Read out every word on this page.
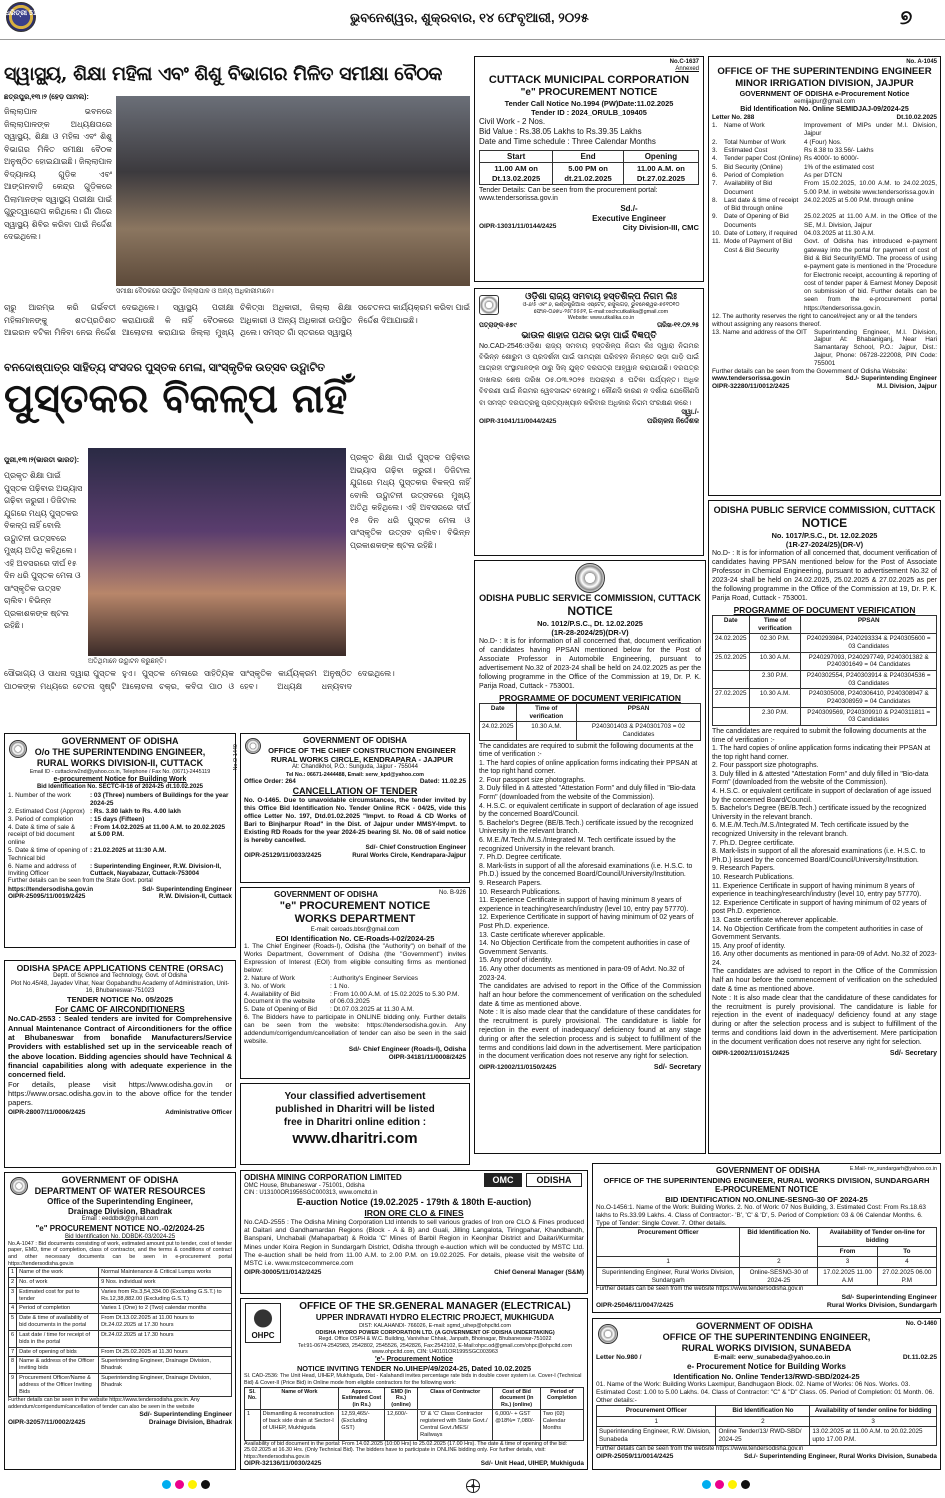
ଧରିତ୍ରୀ 51	ଭୁବନେଶ୍ୱର, ଶୁକ୍ରବାର, ୧୪ ଫେବୃଆରୀ, ୨୦୨୫	୭
ସ୍ୱାସ୍ଥ୍ୟ, ଶିକ୍ଷା ମହିଳା ଏବଂ ଶିଶୁ ବିଭାଗର ମିଳିତ ସମୀକ୍ଷା ବୈଠକ
ଛତ୍ରପୁର,୧୩।୨ (ହେଡ଼ ପାମଲ):
ଜିଲ୍ଲାପାଳ ଭବନରେ ଜିଲ୍ଲାପାଳଙ୍କ ଅଧ୍ୟକ୍ଷତାରେ ସ୍ୱାସ୍ଥ୍ୟ, ଶିକ୍ଷା ଓ ମହିଳା ଏବଂ ଶିଶୁ ବିଭାଗର ମିଳିତ ସମୀକ୍ଷା ବୈଠକ ଅନୁଷ୍ଠିତ ହୋଇଯାଇଛି। ଜିଲ୍ଲାପାଳ ବିଦ୍ୟାଳୟ ଗୁଡ଼ିକ ଏବଂ ଆଙ୍ଗନବାଡ଼ି କେନ୍ଦ୍ର ଗୁଡ଼ିକରେ ପିଲାମାନଙ୍କ ସ୍ୱାସ୍ଥ୍ୟ ପରୀକ୍ଷା ପାଇଁ ଗୁରୁତ୍ୱାରୋପ କରିଥିଲେ। ଗାଁ ଗାଁରେ ସ୍ୱାସ୍ଥ୍ୟ ଶିବିର କରିବା ପାଇଁ ନିର୍ଦ୍ଦେଶ ଦେଇଥିଲେ।
ସମୀକ୍ଷା ବୈଠକରେ ଉପସ୍ଥିତ ଜିଲ୍ଲାପାଳ ଓ ଅନ୍ୟ ଅଧିକାରୀମାନେ।
ଚାରୁ ଆରମ୍ଭ କରି ଗର୍ଭବତୀ ମହିଳାମାନଙ୍କୁ ଶତପ୍ରତିଶତ ଆଇରନ ବଟିକା ମିଳିବା ନେଇ ନିର୍ଦ୍ଦେଶ ଦେଇଥିଲେ। ସ୍ୱାସ୍ଥ୍ୟ ପରୀକ୍ଷା କରାଯାଉଛି କି ନାହିଁ ବୈଠକରେ ଆଲୋଚନା କରାଯାଇ ଜିଲ୍ଲା ମୁଖ୍ୟ ଚିକିତ୍ସା ଅଧିକାରୀ, ଜିଲ୍ଲା ଶିକ୍ଷା ଅଧିକାରୀ ଓ ଅନ୍ୟ ଅଧିକାରୀ ଉପସ୍ଥିତ ଥିଲେ। ସମସ୍ତ ଗାଁ ସ୍ତରରେ ସ୍ୱାସ୍ଥ୍ୟ ସଚେତନତା କାର୍ଯ୍ୟକ୍ରମ କରିବା ପାଇଁ ନିର୍ଦ୍ଦେଶ ଦିଆଯାଇଛି।
ବନଦୋଷ୍ପାତ୍ର ସାହିତ୍ୟ ସଂସଦର ପୁସ୍ତକ ମେଳା, ସାଂସ୍କୃତିକ ଉତ୍ସବ ଉଦ୍ଘାଟିତ
ପୁସ୍ତକର ବିକଳ୍ପ ନାହିଁ
ପୁରୀ,୧୩।୨(ଭାରତୀ ଭାରତ):
ପ୍ରକୃତ ଶିକ୍ଷା ପାଇଁ ପୁସ୍ତକ ପଢ଼ିବାର ଅଭ୍ୟାସ ଗଢ଼ିବା ଜରୁରୀ। ଡିଜିଟାଲ ଯୁଗରେ ମଧ୍ୟ ପୁସ୍ତକର ବିକଳ୍ପ ନାହିଁ ବୋଲି ଉଦ୍ଘାଟନୀ ଉତ୍ସବରେ ମୁଖ୍ୟ ଅତିଥି କହିଥିଲେ। ଏହି ଅବସରରେ ଦୀର୍ଘ ୧୫ ଦିନ ଧରି ପୁସ୍ତକ ମେଳା ଓ ସାଂସ୍କୃତିକ ଉତ୍ସବ ଚାଲିବ। ବିଭିନ୍ନ ପ୍ରକାଶକଙ୍କ ଷ୍ଟଲ ରହିଛି।
ଅତିଥିମାନେ ଉଦ୍ଘାଟନ କରୁଛନ୍ତି।
ପ୍ରକୃତ ଶିକ୍ଷା ପାଇଁ ପୁସ୍ତକ ପଢ଼ିବାର ଅଭ୍ୟାସ ଗଢ଼ିବା ଜରୁରୀ। ଡିଜିଟାଲ ଯୁଗରେ ମଧ୍ୟ ପୁସ୍ତକର ବିକଳ୍ପ ନାହିଁ ବୋଲି ଉଦ୍ଘାଟନୀ ଉତ୍ସବରେ ମୁଖ୍ୟ ଅତିଥି କହିଥିଲେ। ଏହି ଅବସରରେ ଦୀର୍ଘ ୧୫ ଦିନ ଧରି ପୁସ୍ତକ ମେଳା ଓ ସାଂସ୍କୃତିକ ଉତ୍ସବ ଚାଲିବ। ବିଭିନ୍ନ ପ୍ରକାଶକଙ୍କ ଷ୍ଟଲ ରହିଛି।
ସୌଭାଗ୍ୟ ଓ ସାଧନା ଦ୍ୱାରା ପୁସ୍ତକ ପାଠକଙ୍କ ମଧ୍ୟରେ ଚେତନା ସୃଷ୍ଟି ହୁଏ। ପୁସ୍ତକ ମେଳାରେ ସାହିତ୍ୟିକ ଆଲୋଚନା ଚକ୍ର, କବିତା ପାଠ ଓ ସାଂସ୍କୃତିକ କାର୍ଯ୍ୟକ୍ରମ ଅନୁଷ୍ଠିତ ହେବ। ଅଧ୍ୟକ୍ଷ ଧନ୍ୟବାଦ ଦେଇଥିଲେ।
No.O-1449
GOVERNMENT OF ODISHA
O/o THE SUPERINTENDING ENGINEER,
RURAL WORKS DIVISION-II, CUTTACK
Email ID - cuttackrw2nd@yahoo.co.in, Telephone / Fax No. (0671)-2445119
e-procurement Notice for Building Work
Bid Identification No. SECTC-II-16 of 2024-25 dt.10.02.2025
1. Number of the work	: 03 (Three) numbers of Buildings for the year 2024-25
2. Estimated Cost (Approx) : Rs. 3.80 lakh to Rs. 4.00 lakh
3. Period of completion	: 15 days (Fifteen)
4. Date & time of sale & receipt of bid document online
: From 14.02.2025 at 11.00 A.M. to 20.02.2025 at 5.00 P.M.
5. Date & time of opening of Technical bid
: 21.02.2025 at 11:30 A.M.
6. Name and address of Inviting Officer
: Superintending Engineer, R.W. Division-II, Cuttack, Nayabazar, Cuttack-753004
Further details can be seen from the State Govt. portal
https://tendersodisha.gov.in	Sd/- Superintending Engineer
OIPR-25095/11/0019/2425	R.W. Division-II, Cuttack
GOVERNMENT OF ODISHA
OFFICE OF THE CHIEF CONSTRUCTION ENGINEER
RURAL WORKS CIRCLE, KENDRAPARA - JAJPUR
At: Chandikhol, P.O.: Sunguda, Jajpur - 755044
Tel No.: 06671-2444488, Email: serw_kpd@yahoo.com
Office Order: 264	Dated: 11.02.25
CANCELLATION OF TENDER
No. O-1465. Due to unavoidable circumstances, the tender invited by this Office Bid Identification No. Tender Online RCK - 04/25, vide this office Letter No. 197, Dtd.01.02.2025 "Impvt. to Road & CD Works of Bari to Binjharpur Road" in the Dist. of Jajpur under MMSY-Impvt. to Existing RD Roads for the year 2024-25 bearing Sl. No. 08 of said notice is hereby cancelled.
Sd/- Chief Construction Engineer
OIPR-25129/11/0033/2425	Rural Works Circle, Kendrapara-Jajpur
GOVERNMENT OF ODISHA	No. B-926
"e" PROCUREMENT NOTICE
WORKS DEPARTMENT
E-mail: ceroads.bbsr@gmail.com
EOI Identification No. CE-Roads-I-02/2024-25
1. The Chief Engineer (Roads-I), Odisha (the "Authority") on behalf of the Works Department, Government of Odisha (the "Government") invites Expression of Interest (EOI) from eligible consulting firms as mentioned below:
2. Nature of Work	: Authority's Engineer Services
3. No. of Work	: 1 No.
4. Availability of Bid Document in the website
: From 10.00 A.M. of 15.02.2025 to 5.30 P.M. of 06.03.2025
5. Date of Opening of Bid	: Dt.07.03.2025 at 11.30 A.M.
6. The Bidders have to participate in ONLINE bidding only. Further details can be seen from the website: https://tendersodisha.gov.in. Any addendum/corrigendum/cancellation of tender can also be seen in the said website.
Sd/- Chief Engineer (Roads-I), Odisha
OIPR-34181/11/0008/2425
ODISHA SPACE APPLICATIONS CENTRE (ORSAC)
Deptt. of Science and Technology, Govt. of Odisha
Plot No.45/48, Jayadev Vihar, Near Gopabandhu Academy of Administration, Unit-16, Bhubaneswar-751023
TENDER NOTICE No. 05/2025
For CAMC OF AIRCONDITIONERS
No.CAD-2553 : Sealed tenders are invited for Comprehensive Annual Maintenance Contract of Airconditioners for the office at Bhubaneswar from bonafide Manufacturers/Service Providers with established set up in the serviceable reach of the above location. Bidding agencies should have Technical & financial capabilities along with adequate experience in the concerned field.
For details, please visit https://www.odisha.gov.in or https://www.orsac.odisha.gov.in to the above office for the tender papers.
OIPR-28007/11/0006/2425	Administrative Officer
Your classified advertisement
published in Dharitri will be listed
free in Dharitri online edition :
www.dharitri.com
GOVERNMENT OF ODISHA
DEPARTMENT OF WATER RESOURCES
Office of the Superintending Engineer,
Drainage Division, Bhadrak
Email : eeddbdk@gmail.com
"e" PROCUREMENT NOTICE NO.-02/2024-25
Bid Identification No. DDBDK-03/2024-25
No.A-1047 : Bid documents consisting of work, estimated amount put to tender, cost of tender paper, EMD, time of completion, class of contractor, and the terms & conditions of contract and other necessary documents can be seen in e-procurement portal https://tendersodisha.gov.in
1	Name of the work	Normal Maintenance & Critical Lumps works
2	No. of work	9 Nos. individual work
3	Estimated cost for put to tender	Varies from Rs.3,54,334.00 (Excluding G.S.T.) to Rs.12,38,882.00 (Excluding G.S.T.)
4	Period of completion	Varies 1 (One) to 2 (Two) calendar months
5	Date & time of availability of bid documents in the portal	From Dt.13.02.2025 at 11.00 hours to Dt.24.02.2025 at 17.30 hours
6	Last date / time for receipt of bids in the portal	Dt.24.02.2025 at 17.30 hours
7	Date of opening of bids	From Dt.25.02.2025 at 11.30 hours
8	Name & address of the Officer inviting bids	Superintending Engineer, Drainage Division, Bhadrak
9	Procurement Officer/Name & address of the Officer Inviting Bids	Superintending Engineer, Drainage Division, Bhadrak
Further details can be seen in the website https://www.tendersodisha.gov.in. Any addendum/corrigendum/cancellation of tender can also be seen in the website
Sd/- Superintending Engineer
OIPR-32057/11/0002/2425	Drainage Division, Bhadrak
No.C-1637
Annexed
CUTTACK MUNICIPAL CORPORATION
"e" PROCUREMENT NOTICE
Tender Call Notice No.1994 (PW)Date:11.02.2025
Tender ID : 2024_ORULB_109405
Civil Work - 2 Nos.
Bid Value : Rs.38.05 Lakhs to Rs.39.35 Lakhs
Date and Time schedule : Three Calendar Months
Start	End	Opening
11.00 AM on Dt.13.02.2025	5.00 PM on dt.21.02.2025	11.00 A.M. on Dt.27.02.2025
Tender Details: Can be seen from the procurement portal: www.tendersorissa.gov.in
Sd./-
Executive Engineer
OIPR-13031/11/0144/2425	City Division-III, CMC
ଓଡ଼ିଶା ରାଜ୍ୟ ସମବାୟ ହସ୍ତଶିଳ୍ପ ନିଗମ ଲିଃ
ଓ-୬/୫ ଏବଂ ୬, ଇଣ୍ଡଷ୍ଟ୍ରିଆଲ ଏଷ୍ଟେଟ୍, ରସୁଲଗଡ଼, ଭୁବନେଶ୍ୱର-୭୫୧୦୧୦
ଫୋନ-୦୬୭୪-୨୫୮୫୫୫୧, E-mail:oschcutkalika@gmail.com
Website: www.utkalika.co.in
ପତ୍ରାଙ୍କ-୫୭୯	ତାରିଖ-୧୧.୦୨.୨୫
ଭାଉଳ ଶାହାଜ ପଥର ଭଡ଼ା ପାଇଁ ବିଜ୍ଞପ୍ତି
No.CAD-2546:ଓଡ଼ିଶା ରାଜ୍ୟ ସମବାୟ ହସ୍ତଶିଳ୍ପ ନିଗମ ଲିଃ ଦ୍ୱାରା ନିଗମର ବିଭିନ୍ନ ଶୋରୁମ ଓ ପ୍ରଦର୍ଶନୀ ପାଇଁ ସାମଗ୍ରୀ ପରିବହନ ନିମନ୍ତେ ଭଡ଼ା ଗାଡ଼ି ପାଇଁ ଆଗ୍ରହୀ ସଂସ୍ଥାମାନଙ୍କ ଠାରୁ ସିଲ୍ ଯୁକ୍ତ ଦରପତ୍ର ଆହ୍ୱାନ କରାଯାଉଛି। ଦରପତ୍ର ଦାଖଲର ଶେଷ ତାରିଖ ୦୫.୦୩.୨୦୨୫ ଅପରାହ୍ଣ ୫ ଘଟିକା ପର୍ଯ୍ୟନ୍ତ। ଅଧିକ ବିବରଣୀ ପାଇଁ ନିଗମର ୱେବସାଇଟ ଦେଖନ୍ତୁ। କୌଣସି କାରଣ ନ ଦର୍ଶାଇ ଯେକୌଣସି ବା ସମସ୍ତ ଦରପତ୍ରକୁ ପ୍ରତ୍ୟାଖ୍ୟାନ କରିବାର ଅଧିକାର ନିଗମ ସଂରକ୍ଷଣ କରେ।
ସ୍ୱା./-
OIPR-31041/11/0044/2425	ପରିଚାଳନା ନିର୍ଦ୍ଦେଶକ
ODISHA PUBLIC SERVICE COMMISSION, CUTTACK
NOTICE
No. 1012/P.S.C., Dt. 12.02.2025
(1R-28-2024/25)(DR-V)
No.D- : It is for information of all concerned that, document verification of candidates having PPSAN mentioned below for the Post of Associate Professor in Automobile Engineering, pursuant to advertisement No.32 of 2023-24 shall be held on 24.02.2025 as per the following programme in the Office of the Commission at 19, Dr. P. K. Parija Road, Cuttack - 753001.
PROGRAMME OF DOCUMENT VERIFICATION
Date	Time of verification	PPSAN
24.02.2025	10.30 A.M.	P240301403 & P240301703 = 02 Candidates
The candidates are required to submit the following documents at the time of verification :-
1. The hard copies of online application forms indicating their PPSAN at the top right hand corner.
2. Four passport size photographs.
3. Duly filled in & attested "Attestation Form" and duly filled in "Bio-data Form" (downloaded from the website of the Commission).
4. H.S.C. or equivalent certificate in support of declaration of age issued by the concerned Board/Council.
5. Bachelor's Degree (BE/B.Tech.) certificate issued by the recognized University in the relevant branch.
6. M.E./M.Tech./M.S./Integrated M. Tech certificate issued by the recognized University in the relevant branch.
7. Ph.D. Degree certificate.
8. Mark-lists in support of all the aforesaid examinations (i.e. H.S.C. to Ph.D.) issued by the concerned Board/Council/University/Institution.
9. Research Papers.
10. Research Publications.
11. Experience Certificate in support of having minimum 8 years of experience in teaching/research/industry (level 10, entry pay 57770).
12. Experience Certificate in support of having minimum of 02 years of Post Ph.D. experience.
13. Caste certificate wherever applicable.
14. No Objection Certificate from the competent authorities in case of Government Servants.
15. Any proof of identity.
16. Any other documents as mentioned in para-09 of Advt. No.32 of 2023-24.
The candidates are advised to report in the Office of the Commission half an hour before the commencement of verification on the scheduled date & time as mentioned above.
Note : It is also made clear that the candidature of these candidates for the recruitment is purely provisional. The candidature is liable for rejection in the event of inadequacy/ deficiency found at any stage during or after the selection process and is subject to fulfillment of the terms and conditions laid down in the advertisement. Mere participation in the document verification does not reserve any right for selection.
OIPR-12002/11/0150/2425	Sd/- Secretary
No. A-1045
OFFICE OF THE SUPERINTENDING ENGINEER
MINOR IRRIGATION DIVISION, JAJPUR
GOVERNMENT OF ODISHA e-Procurement Notice
eemijajpur@gmail.com
Bid Identification No. Online SEMIDJAJ-09/2024-25
Letter No. 288	Dt.10.02.2025
1.	Name of Work	Improvement of MIPs under M.I. Division, Jajpur
2.	Total Number of Work	4 (Four) Nos.
3.	Estimated Cost	Rs 8.38 to 33.56/- Lakhs
4.	Tender paper Cost (Online) Rs 4000/- to 6000/-
5.	Bid Security (Online)	1% of the estimated cost
6.	Period of Completion	As per DTCN
7.	Availability of Bid Document
From 15.02.2025, 10.00 A.M. to 24.02.2025, 5.00 P.M. in website www.tendersorissa.gov.in
8.	Last date & time of receipt of Bid through online
24.02.2025 at 5.00 P.M. through online
9.	Date of Opening of Bid Documents
25.02.2025 at 11.00 A.M. in the Office of the SE, M.I. Division, Jajpur
10. Date of Lottery, if required	04.03.2025 at 11.30 A.M.
11. Mode of Payment of Bid Cost & Bid Security
Govt. of Odisha has introduced e-payment gateway into the portal for payment of cost of Bid & Bid Security/EMD. The process of using e-payment gate is mentioned in the 'Procedure for Electronic receipt, accounting & reporting of cost of tender paper & Earnest Money Deposit on submission of bid. Further details can be seen from the e-procurement portal https://tendersorissa.gov.in.
12. The authority reserves the right to cancel/reject any or all the tenders without assigning any reasons thereof.
13. Name and address of the OIT	Superintending Engineer, M.I. Division, Jajpur At: Bhabaniganj, Near Hari Samantaray School, P.O.: Jajpur, Dist.: Jajpur, Phone: 06728-222008, PIN Code: 755001
Further details can be seen from the Government of Odisha Website:
www.tendersorissa.gov.in	Sd./- Superintending Engineer
OIPR-32280/11/0012/2425	M.I. Division, Jajpur
ODISHA PUBLIC SERVICE COMMISSION, CUTTACK
NOTICE
No. 1017/P.S.C., Dt. 12.02.2025
(1R-27-2024/25)(DR-V)
No.D- : It is for information of all concerned that, document verification of candidates having PPSAN mentioned below for the Post of Associate Professor in Chemical Engineering, pursuant to advertisement No.32 of 2023-24 shall be held on 24.02.2025, 25.02.2025 & 27.02.2025 as per the following programme in the Office of the Commission at 19, Dr. P. K. Parija Road, Cuttack - 753001.
PROGRAMME OF DOCUMENT VERIFICATION
Date	Time of verification	PPSAN
24.02.2025	02.30 P.M.	P240293984, P240293334 & P240305600 = 03 Candidates
25.02.2025	10.30 A.M.	P240297093, P240297749, P240301382 & P240301649 = 04 Candidates
	2.30 P.M.	P240302554, P240303914 & P240304536 = 03 Candidates
27.02.2025	10.30 A.M.	P240305008, P240306410, P240308947 & P240308959 = 04 Candidates
	2.30 P.M.	P240309569, P240309910 & P240311811 = 03 Candidates
The candidates are required to submit the following documents at the time of verification :-
1. The hard copies of online application forms indicating their PPSAN at the top right hand corner.
2. Four passport size photographs.
3. Duly filled in & attested "Attestation Form" and duly filled in "Bio-data Form" (downloaded from the website of the Commission).
4. H.S.C. or equivalent certificate in support of declaration of age issued by the concerned Board/Council.
5. Bachelor's Degree (BE/B.Tech.) certificate issued by the recognized University in the relevant branch.
6. M.E./M.Tech./M.S./Integrated M. Tech certificate issued by the recognized University in the relevant branch.
7. Ph.D. Degree certificate.
8. Mark-lists in support of all the aforesaid examinations (i.e. H.S.C. to Ph.D.) issued by the concerned Board/Council/University/Institution.
9. Research Papers.
10. Research Publications.
11. Experience Certificate in support of having minimum 8 years of experience in teaching/research/industry (level 10, entry pay 57770).
12. Experience Certificate in support of having minimum of 02 years of post Ph.D. experience.
13. Caste certificate wherever applicable.
14. No Objection Certificate from the competent authorities in case of Government Servants.
15. Any proof of identity.
16. Any other documents as mentioned in para-09 of Advt. No.32 of 2023-24.
The candidates are advised to report in the Office of the Commission half an hour before the commencement of verification on the scheduled date & time as mentioned above.
Note : It is also made clear that the candidature of these candidates for the recruitment is purely provisional. The candidature is liable for rejection in the event of inadequacy/ deficiency found at any stage during or after the selection process and is subject to fulfillment of the terms and conditions laid down in the advertisement. Mere participation in the document verification does not reserve any right for selection.
OIPR-12002/11/0151/2425	Sd/- Secretary
ODISHA MINING CORPORATION LIMITED
OMC House, Bhubaneswar - 751001, Odisha
CIN : U13100OR1956SGC000313, www.omcltd.in
OMC	ODISHA
E-auction Notice (19.02.2025 - 179th & 180th E-auction)
IRON ORE CLO & FINES
No.CAD-2555 : The Odisha Mining Corporation Ltd intends to sell various grades of Iron ore CLO & Fines produced at Daitari and Gandhamardan Regions (Block - A & B) and Guali, Jilling Langalota, Tiringpahar, Khandbandh, Banspani, Unchabali (Mahaparbat) & Roida 'C' Mines of Barbil Region in Keonjhar District and Daitari/Kurmitar Mines under Koira Region in Sundargarh District, Odisha through e-auction which will be conducted by MSTC Ltd. The e-auction shall be held from 11.00 A.M. to 2.00 P.M. on 19.02.2025. For details, please visit the website of MSTC i.e. www.mstcecommerce.com
OIPR-30005/11/0142/2425	Chief General Manager (S&M)
OHPC
OFFICE OF THE SR.GENERAL MANAGER (ELECTRICAL)
UPPER INDRAVATI HYDRO ELECTRIC PROJECT, MUKHIGUDA
DIST: KALAHANDI- 766026, E-mail: sgmd_uihep@ohpcltd.com
ODISHA HYDRO POWER CORPORATION LTD. (A GOVERNMENT OF ODISHA UNDERTAKING)
Regd. Office OSPH & W.C. Building, Vanivihar Chhak, Janpath, Bhoinagar, Bhubaneswar-751022
Tel:91-0674-2542983, 2542802, 2545526, 2542826, Fax:2542102, E-Mail:ohpc.od@gmail.com/ohpc@ohpcltd.com
www.ohpcltd.com, CIN: U40101OR1995SGC003963
'e'- Procurement Notice
NOTICE INVITING TENDER No.UIHEP/49/2024-25, Dated 10.02.2025
Sl. CAD-2536: The Unit Head, UIHEP, Mukhiguda, Dist - Kalahandi invites percentage rate bids in double cover system i.e. Cover-I (Technical Bid) & Cover-II (Price Bid) in Online mode from eligible contractors for the following work:
Sl. No.	Name of Work	Approx. Estimated Cost (in Rs.)	EMD (in Rs.) (online)	Class of Contractor	Cost of Bid document (in Rs.) (online)	Period of Completion
1	Dismantling & reconstruction of back side drain at Sector-I of UIHEP, Mukhiguda	12,59,465/- (Excluding GST)	12,600/-	'D' & 'C' Class Contractor registered with State Govt./ Central Govt./MES/ Railways	6,000/- + GST @18%= 7,080/-	Two (02) Calendar Months
Availability of bid document in the portal: From 14.02.2025 (10:00 Hrs) to 25.02.2025 (17.00 Hrs). The date & time of opening of the bid: 25.02.2025 at 16.30 Hrs. (Only Technical Bid). The bidders have to participate in ONLINE bidding only. For further details, visit: https://tendersodisha.gov.in
OIPR-32136/11/0030/2425	Sd/- Unit Head, UIHEP, Mukhiguda
GOVERNMENT OF ODISHA	E.Mail- rw_sundargarh@yahoo.co.in
OFFICE OF THE SUPERINTENDING ENGINEER, RURAL WORKS DIVISION, SUNDARGARH
E-PROCUREMENT NOTICE
BID IDENTIFICATION NO.ONLINE-SESNG-30 OF 2024-25
No.O-1456:1. Name of the Work: Building Works. 2. No. of Work: 07 Nos Building, 3. Estimated Cost: From Rs.18.63 lakhs to Rs.33.99 Lakhs. 4. Class of Contractor:- 'B', 'C' & 'D', 5. Period of Completion: 03 & 06 Calendar Months. 6. Type of Tender: Single Cover. 7. Other details.
Procurement Officer	Bid Identification No.	Availability of Tender on-line for bidding	
		From	To
1	2	3	4
Superintending Engineer, Rural Works Division, Sundargarh	Online-SESNG-30 of 2024-25	17.02.2025 11.00 A.M	27.02.2025 06.00 P.M
Further details can be seen from the website https://www.tendersodisha.gov.in
Sd/- Superintending Engineer
OIPR-25046/11/0047/2425	Rural Works Division, Sundargarh
GOVERNMENT OF ODISHA	No. O-1460
OFFICE OF THE SUPERINTENDING ENGINEER,
RURAL WORKS DIVISION, SUNABEDA
Letter No.980 /	E-mail: eerw_sunabeda@yahoo.co.in	Dt.11.02.25
e- Procurement Notice for Building Works
Identification No. Online Tender13/RWD-SBD/2024-25
01. Name of the Work: Building Works Laxmipur, Bandhugaon Block. 02. Name of Works: 06 Nos. Works. 03. Estimated Cost: 1.00 to 5.00 Lakhs. 04. Class of Contractor: "C" & "D" Class. 05. Period of Completion: 01 Month. 06. Other details:-
Procurement Officer	Bid Identification No	Availability of tender online for bidding
1	2	3
Superintending Engineer, R.W. Division, Sunabeda	Online Tender/13/ RWD-SBD/ 2024-25	13.02.2025 at 11.00 A.M. to 20.02.2025 upto 17.00 P.M.
Further details can be seen from the website https://www.tendersodisha.gov.in
OIPR-25059/11/0014/2425	Sd./- Superintending Engineer, Rural Works Division, Sunabeda
